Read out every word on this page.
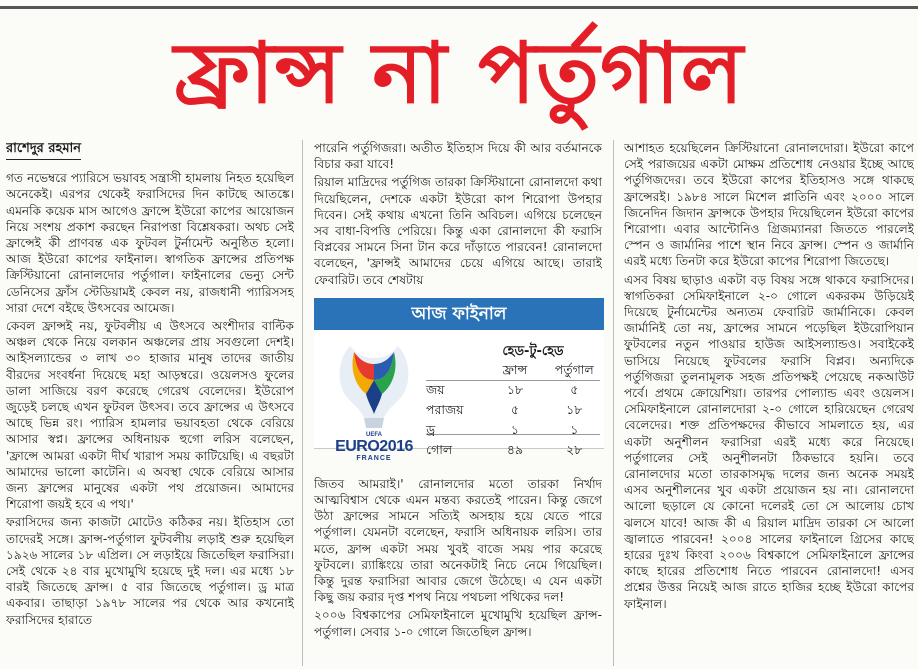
ফ্রান্স না পর্তুগাল
রাশেদুর রহমান

গত নভেম্বরে প্যারিসে ভয়াবহ সন্ত্রাসী হামলায় নিহত হয়েছিল অনেকেই। এরপর থেকেই ফরাসিদের দিন কাটছে আতঙ্কে। এমনকি কয়েক মাস আগেও ফ্রান্সে ইউরো কাপের আয়োজন নিয়ে সংশয় প্রকাশ করছেন নিরাপত্তা বিশ্লেষকরা। অথচ সেই ফ্রান্সেই কী প্রাণবন্ত এক ফুটবল টুর্নামেন্ট অনুষ্ঠিত হলো। আজ ইউরো কাপের ফাইনাল। স্বাগতিক ফ্রান্সের প্রতিপক্ষ ক্রিস্টিয়ানো রোনালদোর পর্তুগাল। ফাইনালের ভেন্যু সেন্ট ডেনিসের ফ্রাঁস স্টেডিয়ামই কেবল নয়, রাজধানী প্যারিসসহ সারা দেশে বইছে উৎসবের আমেজ।

কেবল ফ্রান্সই নয়, ফুটবলীয় এ উৎসবে অংশীদার বাল্টিক অঞ্চল থেকে নিয়ে বলকান অঞ্চলের প্রায় সবগুলো দেশই। আইসল্যান্ডের ৩ লাখ ৩০ হাজার মানুষ তাদের জাতীয় বীরদের সংবর্ধনা দিয়েছে মহা আড়ম্বরে। ওয়েলসও ফুলের ডালা সাজিয়ে বরণ করেছে গেরেথ বেলেদের। ইউরোপ জুড়েই চলছে এখন ফুটবল উৎসব। তবে ফ্রান্সের এ উৎসবে আছে ভিন্ন রং। প্যারিস হামলার ভয়াবহতা থেকে বেরিয়ে আসার স্বপ্ন। ফ্রান্সের অধিনায়ক হুগো লরিস বলেছেন, 'ফ্রান্সে আমরা একটা দীর্ঘ খারাপ সময় কাটিয়েছি। এ বছরটা আমাদের ভালো কাটেনি। এ অবস্থা থেকে বেরিয়ে আসার জন্য ফ্রান্সের মানুষের একটা পথ প্রয়োজন। আমাদের শিরোপা জয়ই হবে এ পথ।'

ফরাসিদের জন্য কাজটা মোটেও কঠিকর নয়। ইতিহাস তো তাদেরই সঙ্গে। ফ্রান্স-পর্তুগাল ফুটবলীয় লড়াই শুরু হয়েছিল ১৯২৬ সালের ১৮ এপ্রিল। সে লড়াইয়ে জিতেছিল ফরাসিরা। সেই থেকে ২৪ বার মুখোমুখি হয়েছে দুই দল। এর মধ্যে ১৮ বারই জিতেছে ফ্রান্স। ৫ বার জিতেছে পর্তুগাল। ড্র মাত্র একবার। তাছাড়া ১৯৭৮ সালের পর থেকে আর কখনোই ফরাসিদের হারাতে

পারেনি পর্তুগিজরা। অতীত ইতিহাস দিয়ে কী আর বর্তমানকে বিচার করা যাবে!

রিয়াল মাদ্রিদের পর্তুগিজ তারকা ক্রিস্টিয়ানো রোনালদো কথা দিয়েছিলেন, দেশকে একটা ইউরো কাপ শিরোপা উপহার দিবেন। সেই কথায় এখনো তিনি অবিচল। এগিয়ে চলেছেন সব বাধা-বিপত্তি পেরিয়ে। কিন্তু একা রোনালদো কী ফরাসি বিপ্লবের সামনে সিনা টান করে দাঁড়াতে পারবেন! রোনালদো বলেছেন, 'ফ্রান্সই আমাদের চেয়ে এগিয়ে আছে। তারাই ফেবারিট। তবে শেষটায়

জিতব আমরাই।' রোনালদোর মতো তারকা নির্খাদ আত্মবিশ্বাস থেকে এমন মন্তব্য করতেই পারেন। কিন্তু জেগে উঠা ফ্রান্সের সামনে সত্যিই অসহায় হয়ে যেতে পারে পর্তুগাল। যেমনটা বলেছেন, ফরাসি অধিনায়ক লরিস। তার মতে, ফ্রান্স একটা সময় খুবই বাজে সময় পার করেছে ফুটবলে। র‍্যাঙ্কিংয়ে তারা অনেকটাই নিচে নেমে গিয়েছিল। কিন্তু দুরন্ত ফরাসিরা আবার জেগে উঠেছে। এ যেন একটা কিছু জয় করার দৃপ্ত শপথ নিয়ে পথচলা পথিকের দল!

২০০৬ বিশ্বকাপের সেমিফাইনালে মুখোমুখি হয়েছিল ফ্রান্স-পর্তুগাল। সেবার ১-০ গোলে জিতেছিল ফ্রান্স।

আশাহত হয়েছিলেন ক্রিস্টিয়ানো রোনালদোরা। ইউরো কাপে সেই পরাজয়ের একটা মোক্ষম প্রতিশোধ নেওয়ার ইচ্ছে আছে পর্তুগিজদের। তবে ইউরো কাপের ইতিহাসও সঙ্গে থাকছে ফ্রান্সেরই। ১৯৮৪ সালে মিশেল প্লাতিনি এবং ২০০০ সালে জিনেদিন জিদান ফ্রান্সকে উপহার দিয়েছিলেন ইউরো কাপের শিরোপা। এবার আন্টোনিও গ্রিজম্যানরা জিততে পারলেই স্পেন ও জার্মানির পাশে স্থান নিবে ফ্রান্স। স্পেন ও জার্মানি এরই মধ্যে তিনটা করে ইউরো কাপের শিরোপা জিতেছে।

এসব বিষয় ছাড়াও একটা বড় বিষয় সঙ্গে থাকবে ফরাসিদের। স্বাগতিকরা সেমিফাইনালে ২-০ গোলে একরকম উড়িয়েই দিয়েছে টুর্নামেন্টের অন্যতম ফেবারিট জার্মানিকে। কেবল জার্মানিই তো নয়, ফ্রান্সের সামনে পড়েছিল ইউরোপিয়ান ফুটবলের নতুন পাওয়ার হাউজ আইসল্যান্ডও। সবাইকেই ভাসিয়ে নিয়েছে ফুটবলের ফরাসি বিপ্লব। অন্যদিকে পর্তুগিজরা তুলনামূলক সহজ প্রতিপক্ষই পেয়েছে নকআউট পর্বে। প্রথমে ক্রোয়েশিয়া। তারপর পোল্যান্ড এবং ওয়েলস। সেমিফাইনালে রোনালদোরা ২-০ গোলে হারিয়েছেন গেরেথ বেলেদের। শক্ত প্রতিপক্ষদের কীভাবে সামলাতে হয়, এর একটা অনুশীলন ফরাসিরা এরই মধ্যে করে নিয়েছে। পর্তুগালের সেই অনুশীলনটা ঠিকভাবে হয়নি। তবে রোনালদোর মতো তারকাসমৃদ্ধ দলের জন্য অনেক সময়ই এসব অনুশীলনের খুব একটা প্রয়োজন হয় না। রোনালদো আলো ছড়ালে যে কোনো দলেরই তো সে আলোয় চোখ ঝলসে যাবে! আজ কী এ রিয়াল মাদ্রিদ তারকা সে আলো জ্বালাতে পারবেন! ২০০৪ সালের ফাইনালে গ্রিসের কাছে হারের দুঃখ কিংবা ২০০৬ বিশ্বকাপে সেমিফাইনালে ফ্রান্সের কাছে হারের প্রতিশোধ নিতে পারবেন রোনালদো! এসব প্রশ্নের উত্তর নিয়েই আজ রাতে হাজির হচ্ছে ইউরো কাপের ফাইনাল।

আজ ফাইনাল
UEFA
EURO2016
FRANCE
হেড-টু-হেড
	ফ্রান্স	পর্তুগাল
জয়	১৮	৫
পরাজয়	৫	১৮
ড্র	১	১
গোল	৪৯	২৮
